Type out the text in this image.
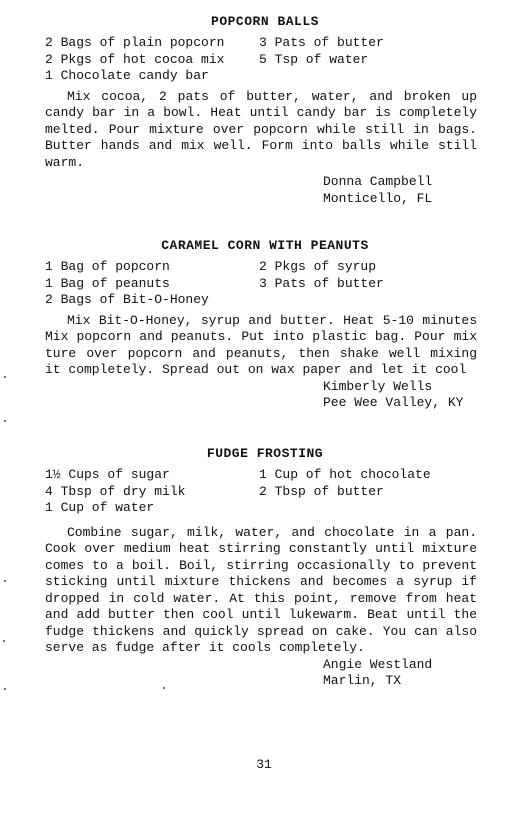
POPCORN BALLS
2 Bags of plain popcorn	3 Pats of butter
2 Pkgs of hot cocoa mix	5 Tsp of water
1 Chocolate candy bar
Mix cocoa, 2 pats of butter, water, and broken up candy bar in a bowl. Heat until candy bar is completely melted. Pour mixture over popcorn while still in bags. Butter hands and mix well. Form into balls while still warm.
Donna Campbell
Monticello, FL
CARAMEL CORN WITH PEANUTS
1 Bag of popcorn	2 Pkgs of syrup
1 Bag of peanuts	3 Pats of butter
2 Bags of Bit-O-Honey
Mix Bit-O-Honey, syrup and butter. Heat 5-10 minutes Mix popcorn and peanuts. Put into plastic bag. Pour mix ture over popcorn and peanuts, then shake well mixing it completely. Spread out on wax paper and let it cool
Kimberly Wells
Pee Wee Valley, KY
FUDGE FROSTING
1½ Cups of sugar	1 Cup of hot chocolate
4 Tbsp of dry milk	2 Tbsp of butter
1 Cup of water
Combine sugar, milk, water, and chocolate in a pan. Cook over medium heat stirring constantly until mixture comes to a boil. Boil, stirring occasionally to prevent sticking until mixture thickens and becomes a syrup if dropped in cold water. At this point, remove from heat and add butter then cool until lukewarm. Beat until the fudge thickens and quickly spread on cake. You can also serve as fudge after it cools completely.
Angie Westland
Marlin, TX
31
